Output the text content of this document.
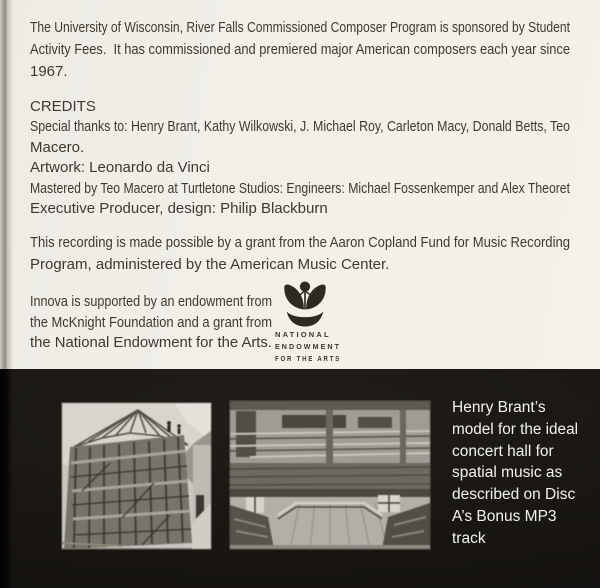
The University of Wisconsin, River Falls Commissioned Composer Program is sponsored by Student
Activity Fees.  It has commissioned and premiered major American composers each year since
1967.
CREDITS
Special thanks to: Henry Brant, Kathy Wilkowski, J. Michael Roy, Carleton Macy, Donald Betts, Teo
Macero.
Artwork: Leonardo da Vinci
Mastered by Teo Macero at Turtletone Studios: Engineers: Michael Fossenkemper and Alex Theoret
Executive Producer, design: Philip Blackburn
This recording is made possible by a grant from the Aaron Copland Fund for Music Recording
Program, administered by the American Music Center.
Innova is supported by an endowment from
the McKnight Foundation and a grant from
the National Endowment for the Arts. NATIONAL
ENDOWMENT
FOR THE ARTS
Henry Brant’s
model for the ideal
concert hall for
spatial music as
described on Disc
A’s Bonus MP3
track
